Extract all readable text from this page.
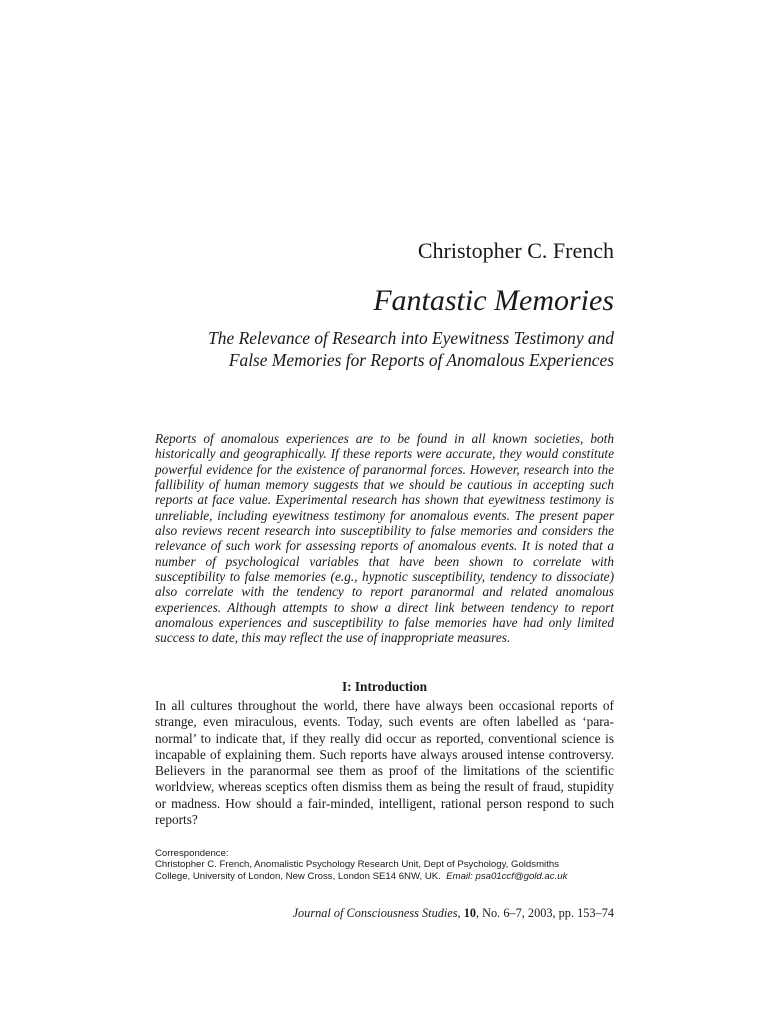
Christopher C. French
Fantastic Memories
The Relevance of Research into Eyewitness Testimony and
False Memories for Reports of Anomalous Experiences

Reports of anomalous experiences are to be found in all known societies, both historically and geographically. If these reports were accurate, they would constitute powerful evidence for the existence of paranormal forces. However, research into the fallibility of human memory suggests that we should be cautious in accepting such reports at face value. Experimental research has shown that eyewitness testimony is unreliable, including eyewitness testimony for anomalous events. The present paper also reviews recent research into susceptibility to false memories and considers the relevance of such work for assessing reports of anomalous events. It is noted that a number of psychological variables that have been shown to correlate with susceptibility to false memories (e.g., hypnotic susceptibility, tendency to dissociate) also correlate with the tendency to report paranormal and related anomalous experiences. Although attempts to show a direct link between tendency to report anomalous experiences and susceptibility to false memories have had only limited success to date, this may reflect the use of inappropriate measures.

I: Introduction

In all cultures throughout the world, there have always been occasional reports of strange, even miraculous, events. Today, such events are often labelled as ‘paranormal’ to indicate that, if they really did occur as reported, conventional science is incapable of explaining them. Such reports have always aroused intense controversy. Believers in the paranormal see them as proof of the limitations of the scientific worldview, whereas sceptics often dismiss them as being the result of fraud, stupidity or madness. How should a fair-minded, intelligent, rational person respond to such reports?

Correspondence:
Christopher C. French, Anomalistic Psychology Research Unit, Dept of Psychology, Goldsmiths
College, University of London, New Cross, London SE14 6NW, UK. Email: psa01ccf@gold.ac.uk
Journal of Consciousness Studies, 10, No. 6–7, 2003, pp. 153–74
